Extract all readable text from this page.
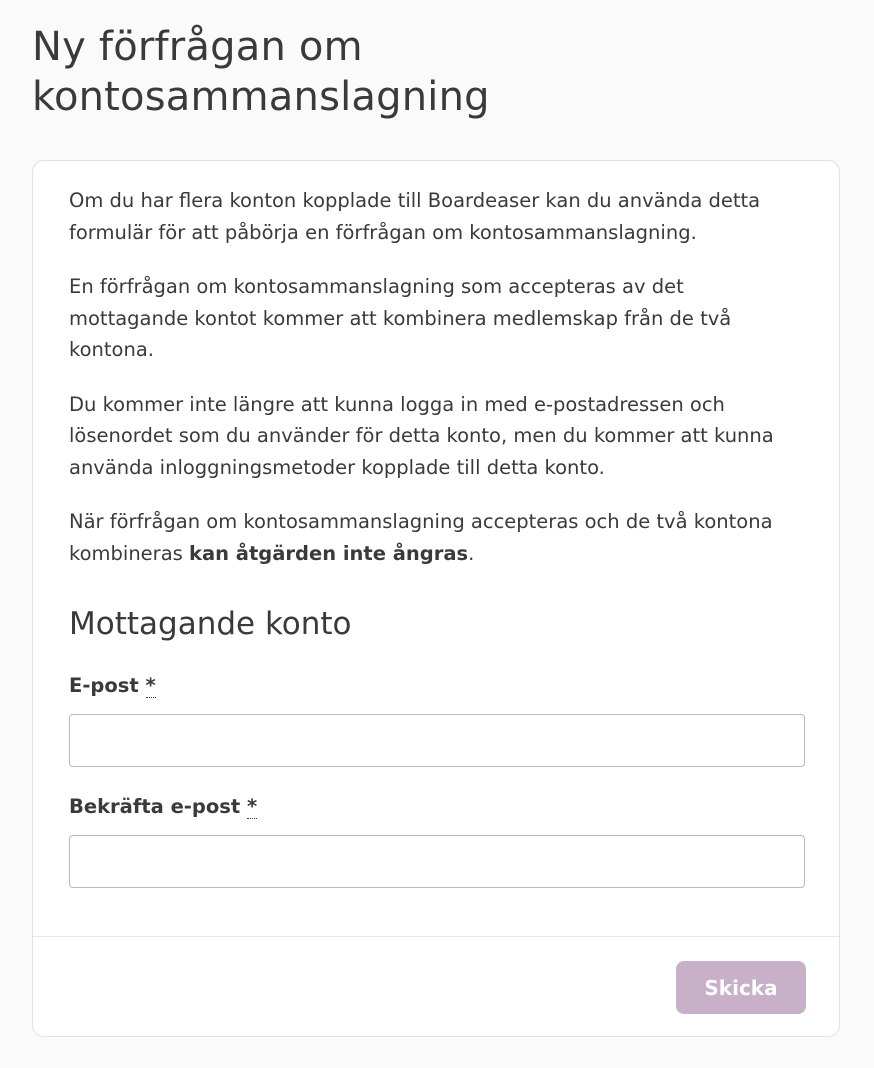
Ny förfrågan om kontosammanslagning

Om du har flera konton kopplade till Boardeaser kan du använda detta formulär för att påbörja en förfrågan om kontosammanslagning.

En förfrågan om kontosammanslagning som accepteras av det mottagande kontot kommer att kombinera medlemskap från de två kontona.

Du kommer inte längre att kunna logga in med e-postadressen och lösenordet som du använder för detta konto, men du kommer att kunna använda inloggningsmetoder kopplade till detta konto.

När förfrågan om kontosammanslagning accepteras och de två kontona kombineras kan åtgärden inte ångras.

Mottagande konto
E-post *
Bekräfta e-post *
Skicka
